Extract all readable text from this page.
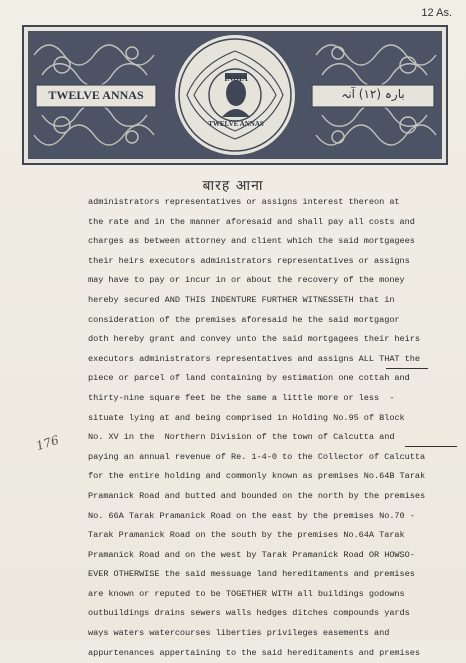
12 As.
TWELVE ANNAS	بارہ (۱۲) آنہ
INDIA
TWELVE ANNAS
बारह आना
administrators representatives or assigns interest thereon at
the rate and in the manner aforesaid and shall pay all costs and
charges as between attorney and client which the said mortgagees
their heirs executors administrators representatives or assigns
may have to pay or incur in or about the recovery of the money
hereby secured AND THIS INDENTURE FURTHER WITNESSETH that in
consideration of the premises aforesaid he the said mortgagor
doth hereby grant and convey unto the said mortgagees their heirs
executors administrators representatives and assigns ALL THAT the
piece or parcel of land containing by estimation one cottah and
thirty-nine square feet be the same a little more or less  -
situate lying at and being comprised in Holding No.95 of Block
No. XV in the  Northern Division of the town of Calcutta and
paying an annual revenue of Re. 1-4-0 to the Collector of Calcutta
for the entire holding and commonly known as premises No.64B Tarak
Pramanick Road and butted and bounded on the north by the premises
No. 66A Tarak Pramanick Road on the east by the premises No.70 -
Tarak Pramanick Road on the south by the premises No.64A Tarak
Pramanick Road and on the west by Tarak Pramanick Road OR HOWSO-
EVER OTHERWISE the said messuage land hereditaments and premises
are known or reputed to be TOGETHER WITH all buildings godowns
outbuildings drains sewers walls hedges ditches compounds yards
ways waters watercourses liberties privileges easements and
appurtenances appertaining to the said hereditaments and premises
176
